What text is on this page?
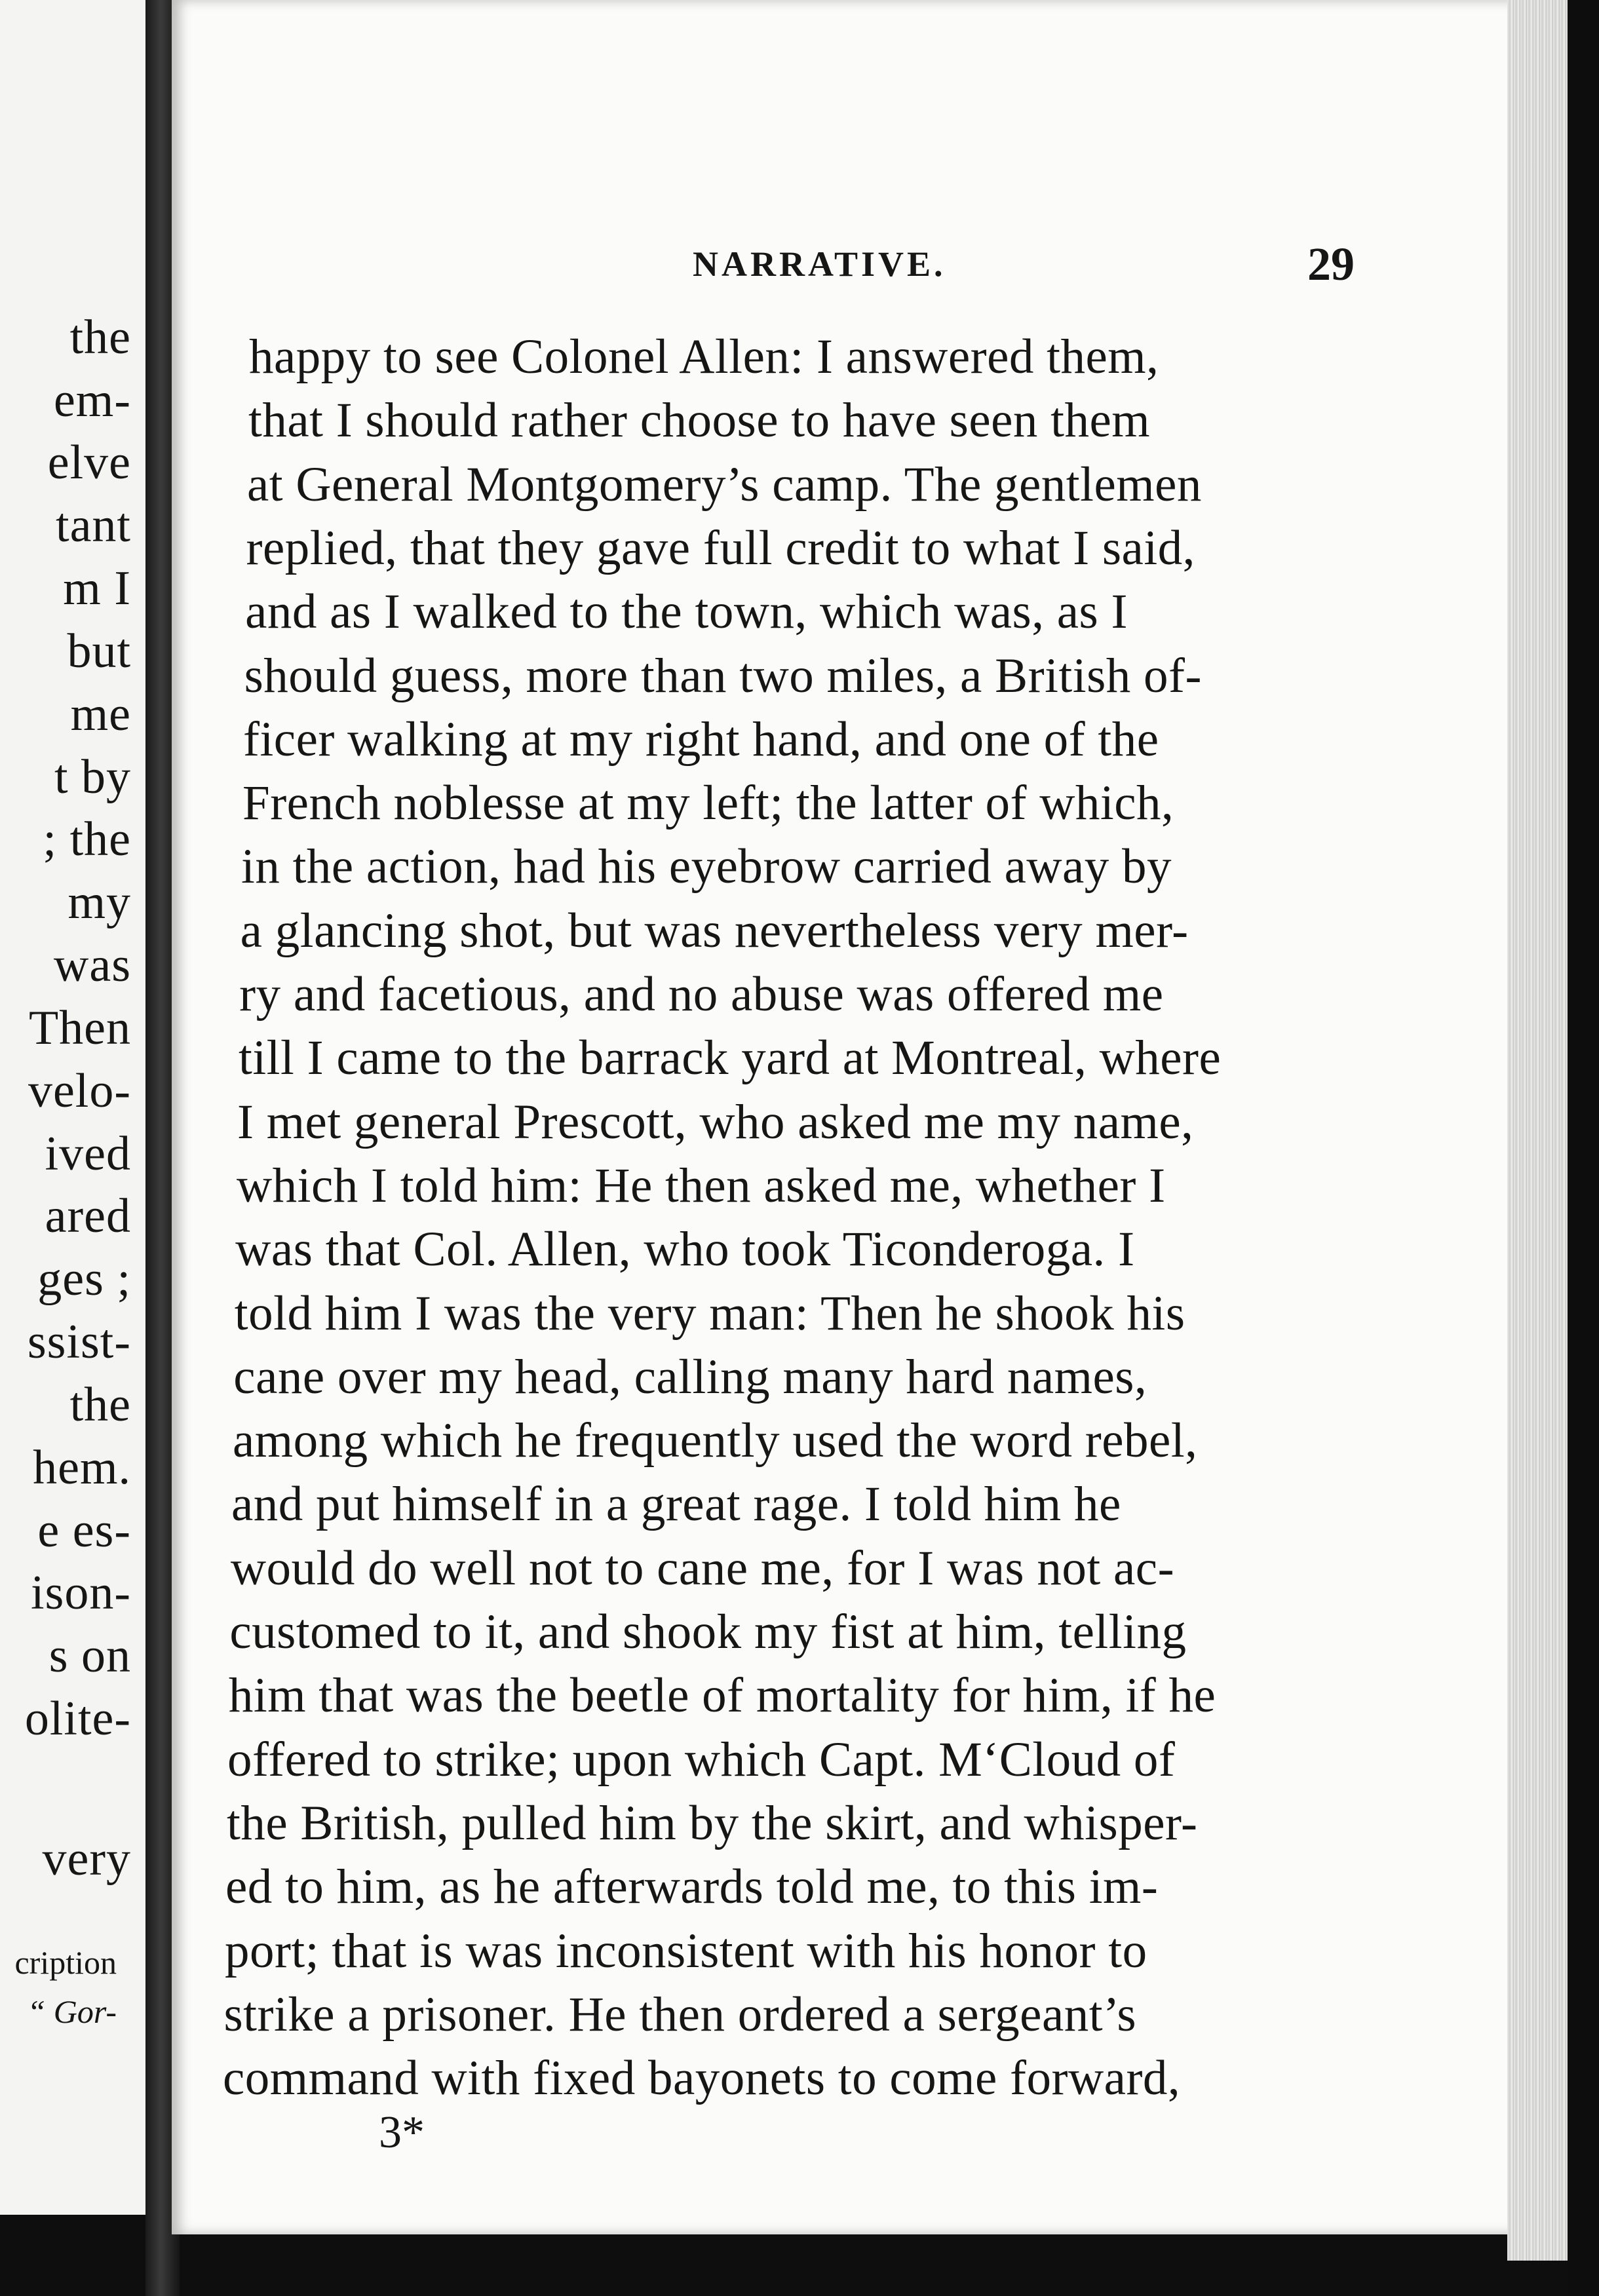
the
em-
elve
tant
m I
but
me
t by
; the
my
was
Then
velo-
ived
ared
ges ;
ssist-
the
hem.
e es-
ison-
s on
olite-
very
cription
“ Gor-
NARRATIVE.	29
happy to see Colonel Allen: I answered them,
that I should rather choose to have seen them
at General Montgomery’s camp. The gentlemen
replied, that they gave full credit to what I said,
and as I walked to the town, which was, as I
should guess, more than two miles, a British of-
ficer walking at my right hand, and one of the
French noblesse at my left; the latter of which,
in the action, had his eyebrow carried away by
a glancing shot, but was nevertheless very mer-
ry and facetious, and no abuse was offered me
till I came to the barrack yard at Montreal, where
I met general Prescott, who asked me my name,
which I told him: He then asked me, whether I
was that Col. Allen, who took Ticonderoga. I
told him I was the very man: Then he shook his
cane over my head, calling many hard names,
among which he frequently used the word rebel,
and put himself in a great rage. I told him he
would do well not to cane me, for I was not ac-
customed to it, and shook my fist at him, telling
him that was the beetle of mortality for him, if he
offered to strike; upon which Capt. M‘Cloud of
the British, pulled him by the skirt, and whisper-
ed to him, as he afterwards told me, to this im-
port; that is was inconsistent with his honor to
strike a prisoner. He then ordered a sergeant’s
command with fixed bayonets to come forward,
3*
